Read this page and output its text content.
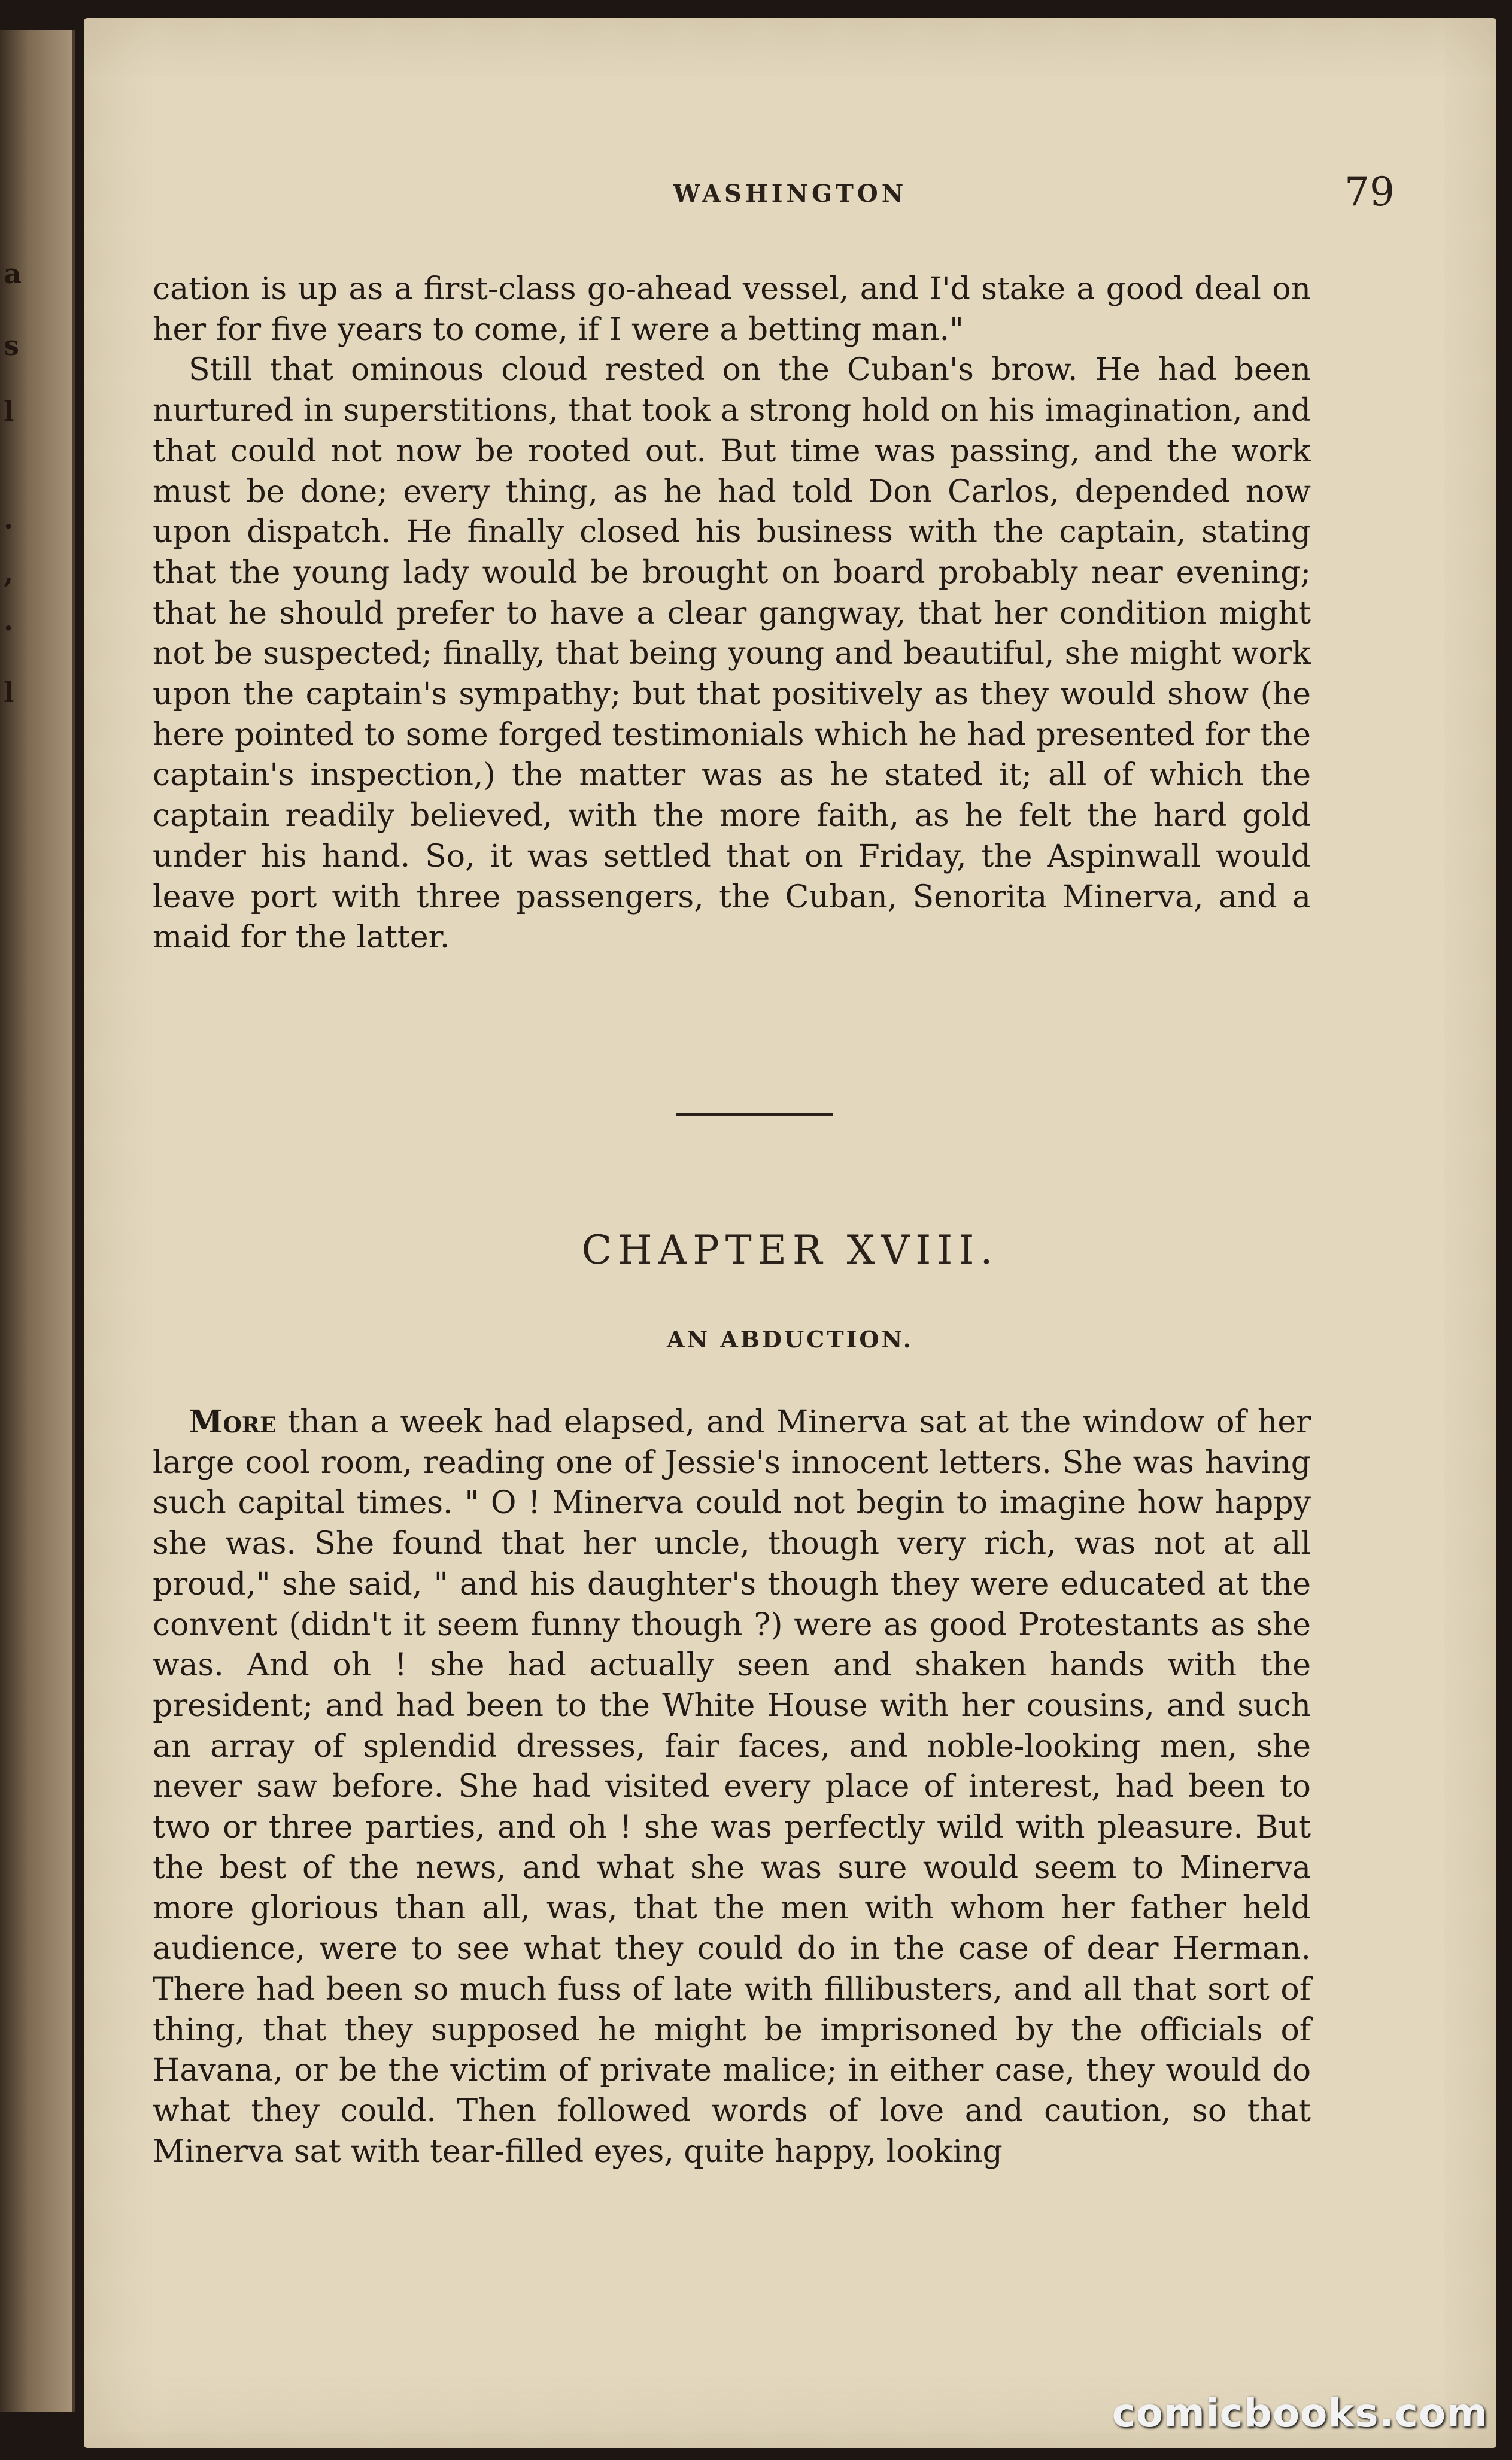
a
s
l
.
,
.
l
WASHINGTON	79

cation is up as a first-class go-ahead vessel, and I'd stake a good deal on her for five years to come, if I were a betting man."

Still that ominous cloud rested on the Cuban's brow. He had been nurtured in superstitions, that took a strong hold on his imagination, and that could not now be rooted out. But time was passing, and the work must be done; every thing, as he had told Don Carlos, depended now upon dispatch. He finally closed his business with the captain, stating that the young lady would be brought on board probably near evening; that he should prefer to have a clear gangway, that her condition might not be suspected; finally, that being young and beautiful, she might work upon the captain's sympathy; but that positively as they would show (he here pointed to some forged testimonials which he had presented for the captain's inspection,) the matter was as he stated it; all of which the captain readily believed, with the more faith, as he felt the hard gold under his hand. So, it was settled that on Friday, the Aspinwall would leave port with three passengers, the Cuban, Senorita Minerva, and a maid for the latter.

CHAPTER XVIII.
AN ABDUCTION.

More than a week had elapsed, and Minerva sat at the window of her large cool room, reading one of Jessie's innocent letters. She was having such capital times. " O ! Minerva could not begin to imagine how happy she was. She found that her uncle, though very rich, was not at all proud," she said, " and his daughter's though they were educated at the convent (didn't it seem funny though ?) were as good Protestants as she was. And oh ! she had actually seen and shaken hands with the president; and had been to the White House with her cousins, and such an array of splendid dresses, fair faces, and noble-looking men, she never saw before. She had visited every place of interest, had been to two or three parties, and oh ! she was perfectly wild with pleasure. But the best of the news, and what she was sure would seem to Minerva more glorious than all, was, that the men with whom her father held audience, were to see what they could do in the case of dear Herman. There had been so much fuss of late with fillibusters, and all that sort of thing, that they supposed he might be imprisoned by the officials of Havana, or be the victim of private malice; in either case, they would do what they could. Then followed words of love and caution, so that Minerva sat with tear-filled eyes, quite happy, looking

comicbooks.com
